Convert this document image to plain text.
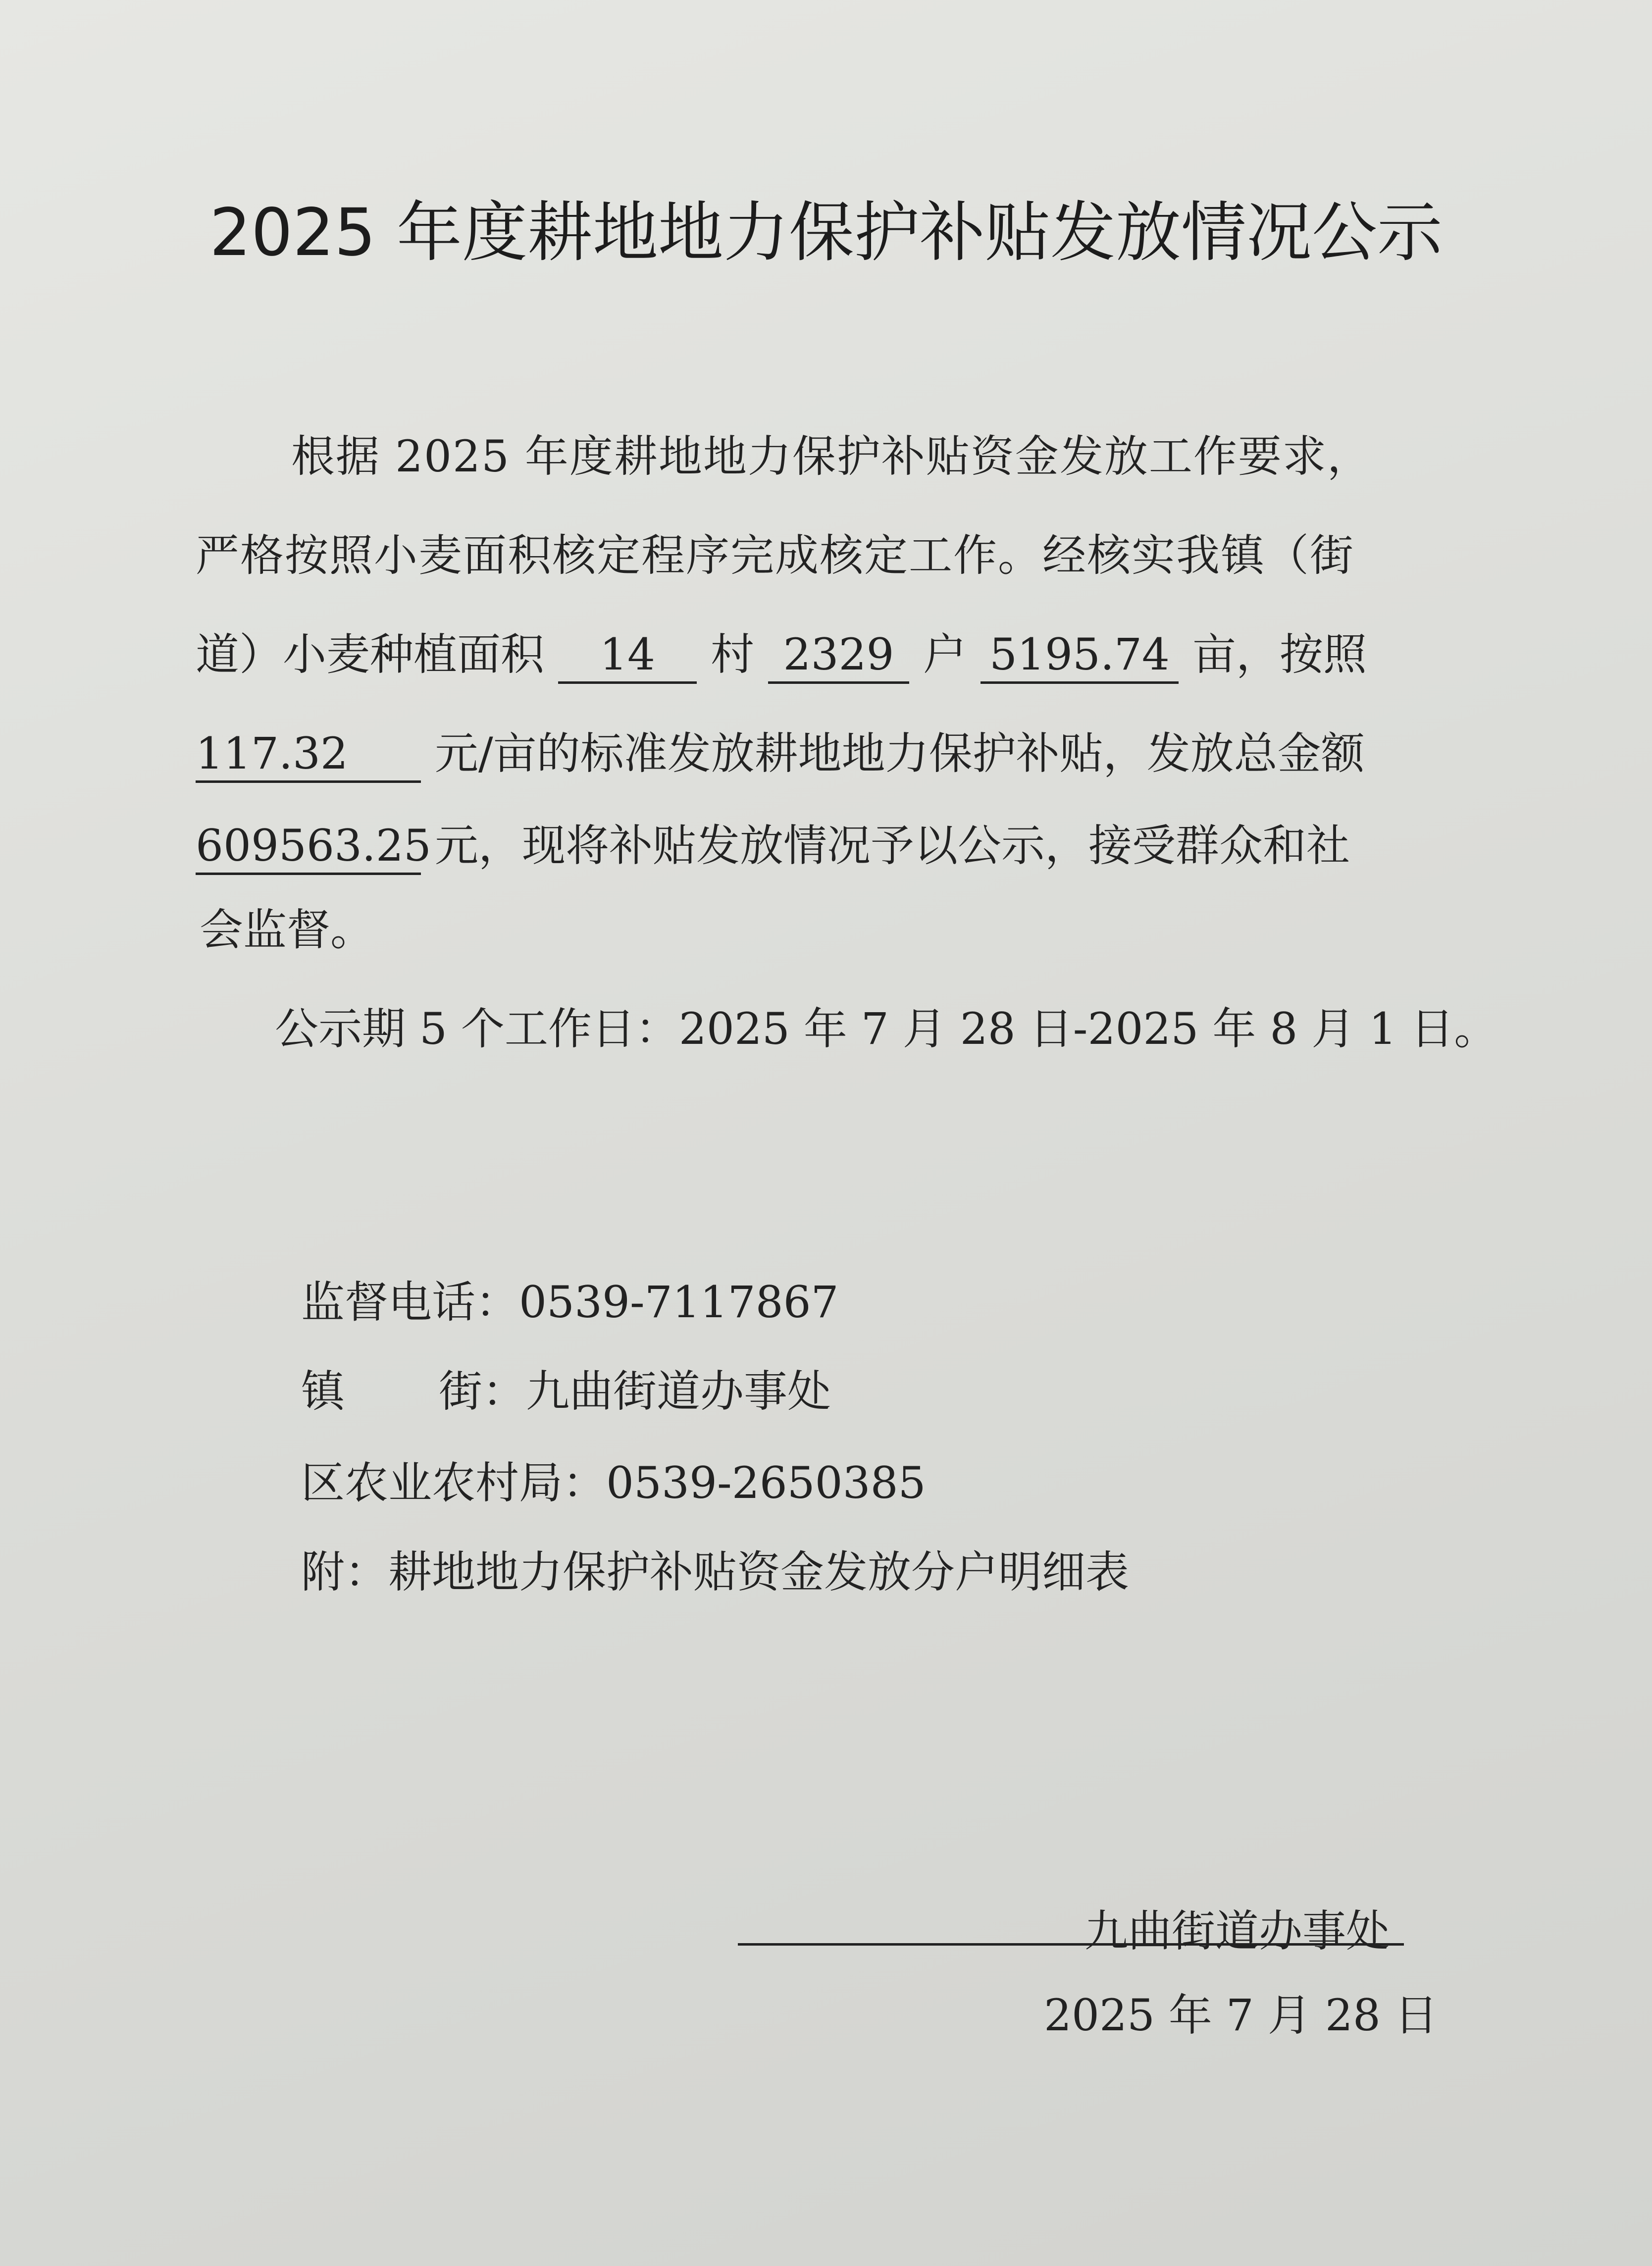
2025 年度耕地地力保护补贴发放情况公示
根据 2025 年度耕地地力保护补贴资金发放工作要求，
严格按照小麦面积核定程序完成核定工作。经核实我镇（街
道）小麦种植面积 14 村 2329 户 5195.74 亩，按照
117.32 元/亩的标准发放耕地地力保护补贴，发放总金额
609563.25 元，现将补贴发放情况予以公示，接受群众和社
会监督。
公示期 5 个工作日：2025 年 7 月 28 日-2025 年 8 月 1 日。
监督电话：0539-7117867
镇 街：九曲街道办事处
区农业农村局：0539-2650385
附：耕地地力保护补贴资金发放分户明细表
九曲街道办事处
2025 年 7 月 28 日
